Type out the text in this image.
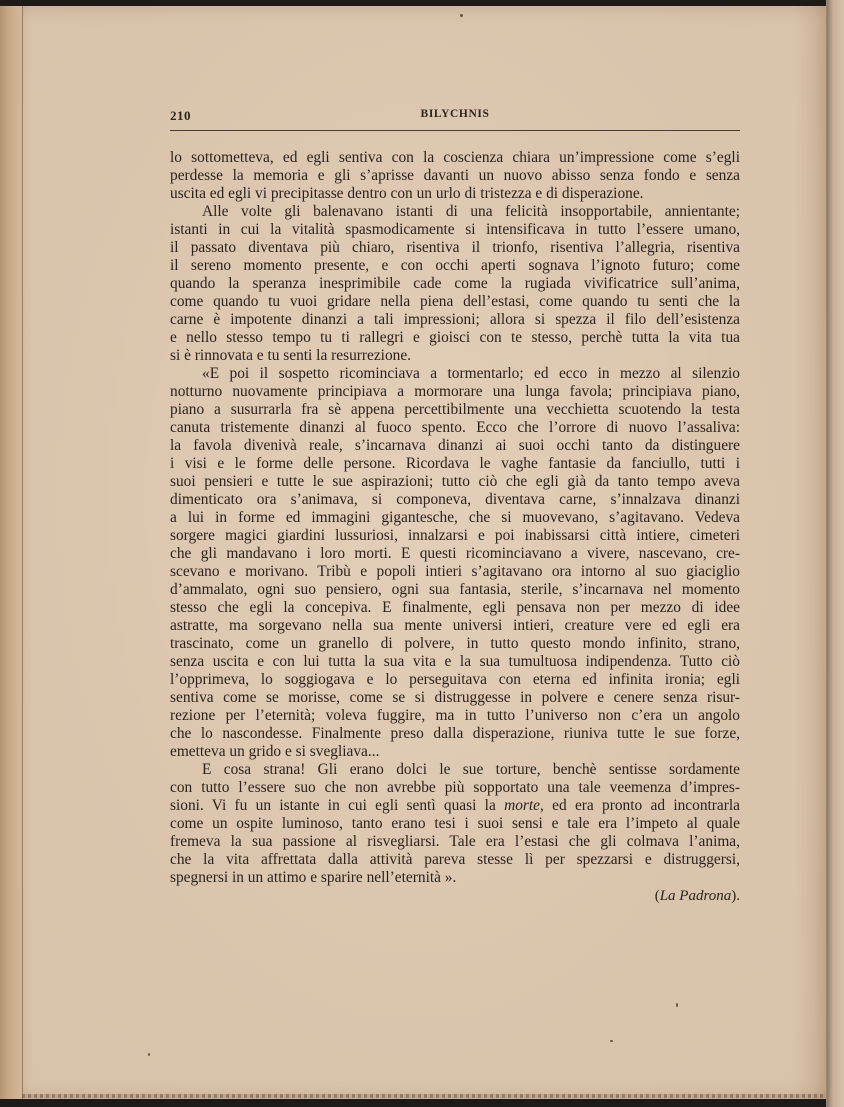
210	BILYCHNIS
lo sottometteva, ed egli sentiva con la coscienza chiara un’impressione come s’egli
perdesse la memoria e gli s’aprisse davanti un nuovo abisso senza fondo e senza
uscita ed egli vi precipitasse dentro con un urlo di tristezza e di disperazione.
Alle volte gli balenavano istanti di una felicità insopportabile, annientante;
istanti in cui la vitalità spasmodicamente si intensificava in tutto l’essere umano,
il passato diventava più chiaro, risentiva il trionfo, risentiva l’allegria, risentiva
il sereno momento presente, e con occhi aperti sognava l’ignoto futuro; come
quando la speranza inesprimibile cade come la rugiada vivificatrice sull’anima,
come quando tu vuoi gridare nella piena dell’estasi, come quando tu senti che la
carne è impotente dinanzi a tali impressioni; allora si spezza il filo dell’esistenza
e nello stesso tempo tu ti rallegri e gioisci con te stesso, perchè tutta la vita tua
si è rinnovata e tu senti la resurrezione.
«E poi il sospetto ricominciava a tormentarlo; ed ecco in mezzo al silenzio
notturno nuovamente principiava a mormorare una lunga favola; principiava piano,
piano a susurrarla fra sè appena percettibilmente una vecchietta scuotendo la testa
canuta tristemente dinanzi al fuoco spento. Ecco che l’orrore di nuovo l’assaliva:
la favola divenivà reale, s’incarnava dinanzi ai suoi occhi tanto da distinguere
i visi e le forme delle persone. Ricordava le vaghe fantasie da fanciullo, tutti i
suoi pensieri e tutte le sue aspirazioni; tutto ciò che egli già da tanto tempo aveva
dimenticato ora s’animava, si componeva, diventava carne, s’innalzava dinanzi
a lui in forme ed immagini gigantesche, che si muovevano, s’agitavano. Vedeva
sorgere magici giardini lussuriosi, innalzarsi e poi inabissarsi città intiere, cimeteri
che gli mandavano i loro morti. E questi ricominciavano a vivere, nascevano, cre-
scevano e morivano. Tribù e popoli intieri s’agitavano ora intorno al suo giaciglio
d’ammalato, ogni suo pensiero, ogni sua fantasia, sterile, s’incarnava nel momento
stesso che egli la concepiva. E finalmente, egli pensava non per mezzo di idee
astratte, ma sorgevano nella sua mente universi intieri, creature vere ed egli era
trascinato, come un granello di polvere, in tutto questo mondo infinito, strano,
senza uscita e con lui tutta la sua vita e la sua tumultuosa indipendenza. Tutto ciò
l’opprimeva, lo soggiogava e lo perseguitava con eterna ed infinita ironia; egli
sentiva come se morisse, come se si distruggesse in polvere e cenere senza risur-
rezione per l’eternità; voleva fuggire, ma in tutto l’universo non c’era un angolo
che lo nascondesse. Finalmente preso dalla disperazione, riuniva tutte le sue forze,
emetteva un grido e si svegliava...
E cosa strana! Gli erano dolci le sue torture, benchè sentisse sordamente
con tutto l’essere suo che non avrebbe più sopportato una tale veemenza d’impres-
sioni. Vi fu un istante in cui egli sentì quasi la morte, ed era pronto ad incontrarla
come un ospite luminoso, tanto erano tesi i suoi sensi e tale era l’impeto al quale
fremeva la sua passione al risvegliarsi. Tale era l’estasi che gli colmava l’anima,
che la vita affrettata dalla attività pareva stesse lì per spezzarsi e distruggersi,
spegnersi in un attimo e sparire nell’eternità ».
(La Padrona).
